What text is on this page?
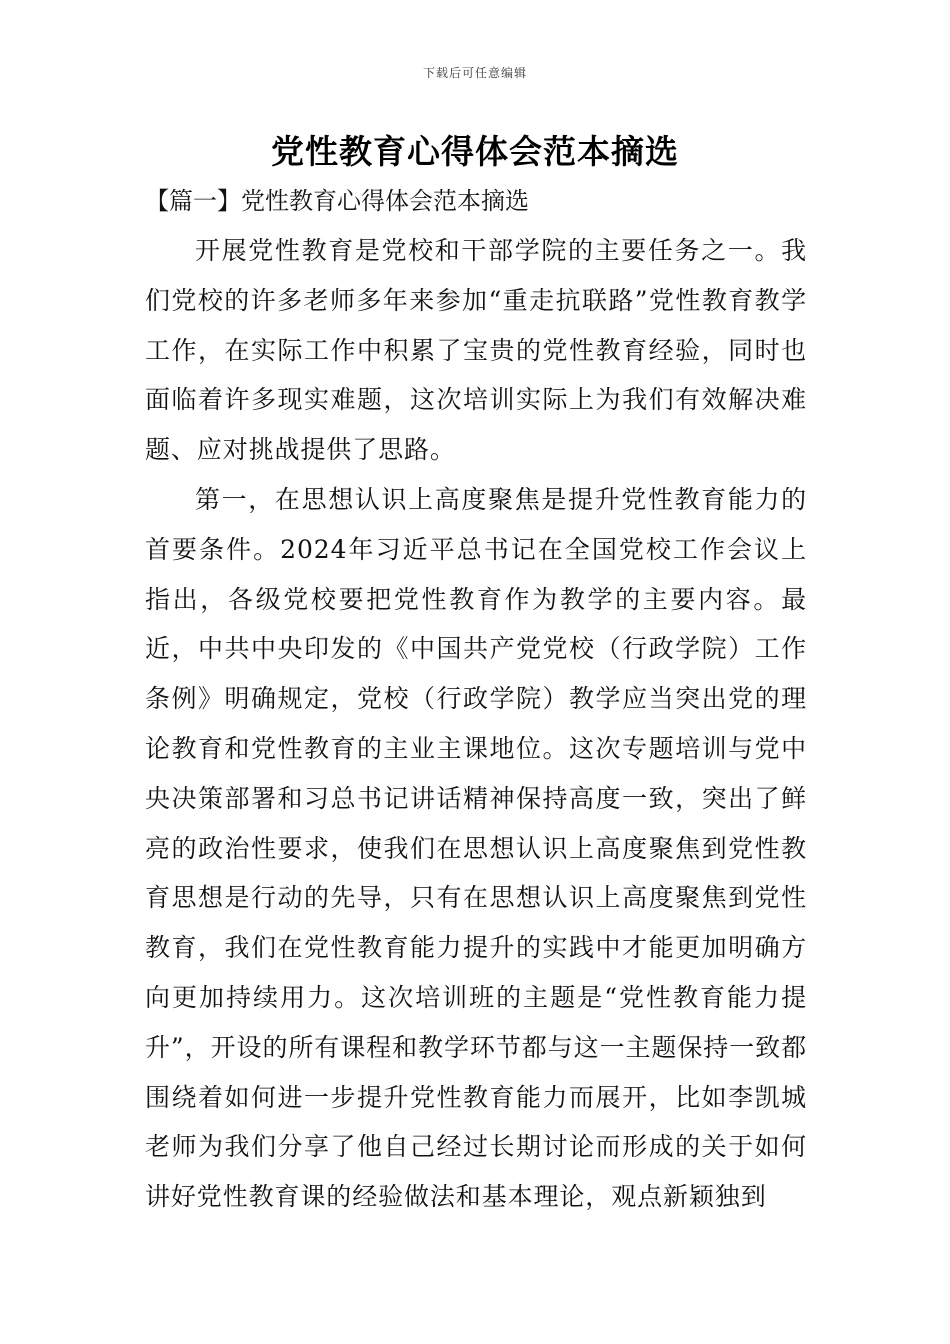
下载后可任意编辑
党性教育心得体会范本摘选
【篇一】党性教育心得体会范本摘选

开展党性教育是党校和干部学院的主要任务之一。我们党校的许多老师多年来参加“重走抗联路”党性教育教学工作，在实际工作中积累了宝贵的党性教育经验，同时也面临着许多现实难题，这次培训实际上为我们有效解决难题、应对挑战提供了思路。

第一，在思想认识上高度聚焦是提升党性教育能力的首要条件。2024年习近平总书记在全国党校工作会议上指出，各级党校要把党性教育作为教学的主要内容。最近，中共中央印发的《中国共产党党校（行政学院）工作条例》明确规定，党校（行政学院）教学应当突出党的理论教育和党性教育的主业主课地位。这次专题培训与党中央决策部署和习总书记讲话精神保持高度一致，突出了鲜亮的政治性要求，使我们在思想认识上高度聚焦到党性教育思想是行动的先导，只有在思想认识上高度聚焦到党性教育，我们在党性教育能力提升的实践中才能更加明确方向更加持续用力。这次培训班的主题是“党性教育能力提升”，开设的所有课程和教学环节都与这一主题保持一致都围绕着如何进一步提升党性教育能力而展开，比如李凯城老师为我们分享了他自己经过长期讨论而形成的关于如何讲好党性教育课的经验做法和基本理论，观点新颖独到
